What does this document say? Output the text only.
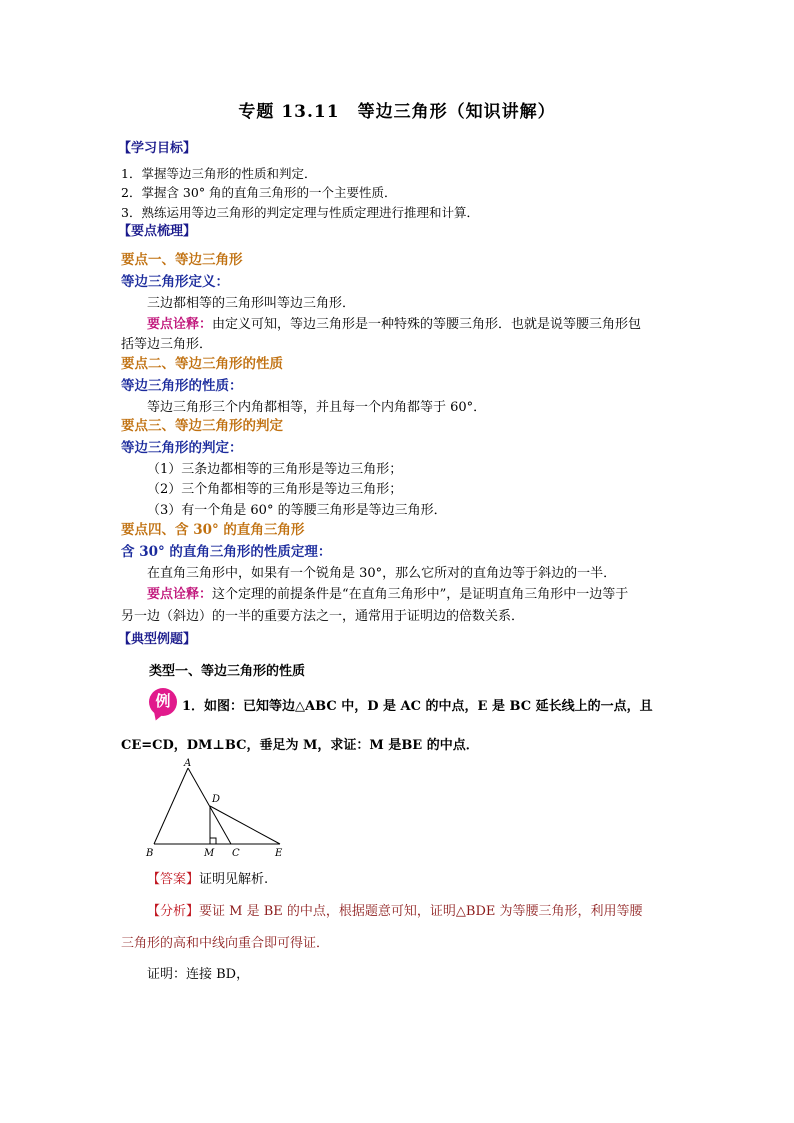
专题 13.11　等边三角形（知识讲解）
【学习目标】
1．掌握等边三角形的性质和判定．
2．掌握含 30° 角的直角三角形的一个主要性质．
3．熟练运用等边三角形的判定定理与性质定理进行推理和计算．
【要点梳理】
要点一、等边三角形
等边三角形定义：
三边都相等的三角形叫等边三角形．
要点诠释：由定义可知，等边三角形是一种特殊的等腰三角形．也就是说等腰三角形包
括等边三角形．
要点二、等边三角形的性质
等边三角形的性质：
等边三角形三个内角都相等，并且每一个内角都等于 60°．
要点三、等边三角形的判定
等边三角形的判定：
（1）三条边都相等的三角形是等边三角形；
（2）三个角都相等的三角形是等边三角形；
（3）有一个角是 60° 的等腰三角形是等边三角形．
要点四、含 30° 的直角三角形
含 30° 的直角三角形的性质定理：
在直角三角形中，如果有一个锐角是 30°，那么它所对的直角边等于斜边的一半．
要点诠释：这个定理的前提条件是“在直角三角形中”，是证明直角三角形中一边等于
另一边（斜边）的一半的重要方法之一，通常用于证明边的倍数关系．
【典型例题】
类型一、等边三角形的性质
例 1．如图：已知等边△ABC 中，D 是 AC 的中点，E 是 BC 延长线上的一点，且
CE=CD，DM⊥BC，垂足为 M，求证：M 是BE 的中点．
A
D
B	M C	E
【答案】证明见解析.
【分析】要证 M 是 BE 的中点，根据题意可知，证明△BDE 为等腰三角形，利用等腰
三角形的高和中线向重合即可得证．
证明：连接 BD，
